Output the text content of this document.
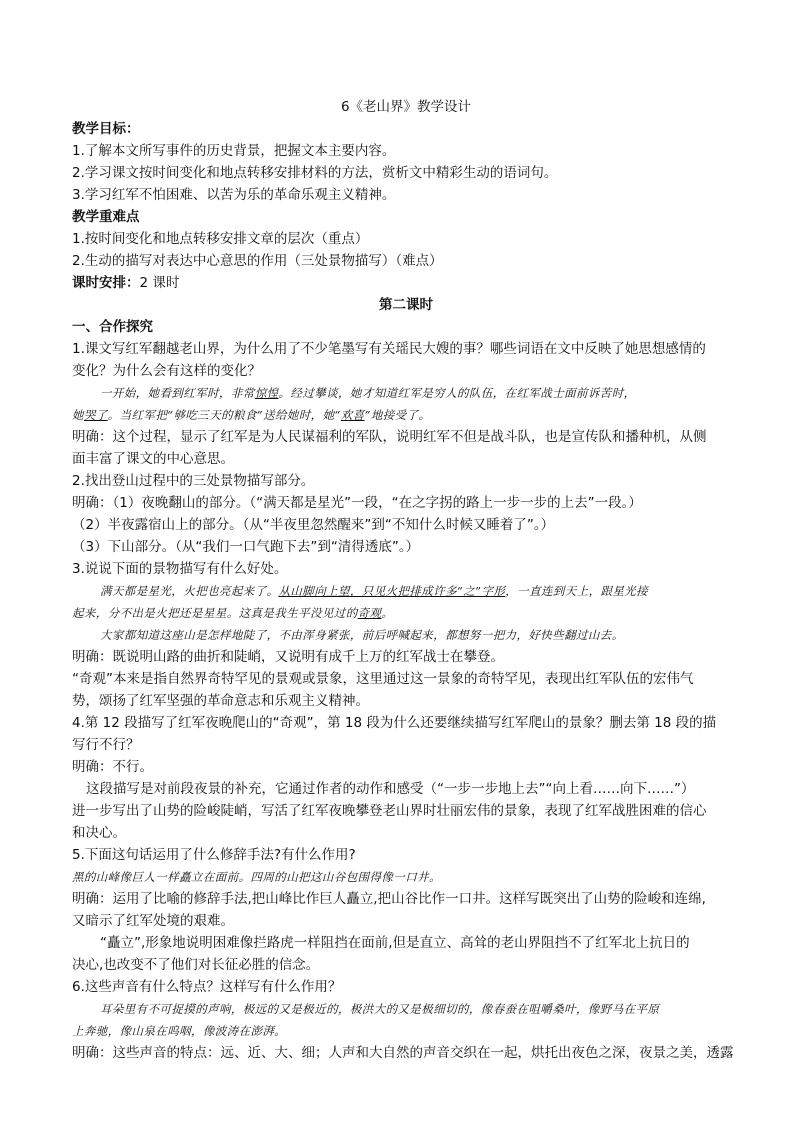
6《老山界》教学设计
教学目标：
1.了解本文所写事件的历史背景，把握文本主要内容。
2.学习课文按时间变化和地点转移安排材料的方法，赏析文中精彩生动的语词句。
3.学习红军不怕困难、以苦为乐的革命乐观主义精神。
教学重难点
1.按时间变化和地点转移安排文章的层次（重点）
2.生动的描写对表达中心意思的作用（三处景物描写）（难点）
课时安排：2 课时
第二课时
一、合作探究
1.课文写红军翻越老山界，为什么用了不少笔墨写有关瑶民大嫂的事？哪些词语在文中反映了她思想感情的
变化？为什么会有这样的变化？
一开始，她看到红军时，非常惊惶。经过攀谈，她才知道红军是穷人的队伍，在红军战士面前诉苦时，
她哭了。当红军把“够吃三天的粮食”送给她时，她“欢喜”地接受了。
明确：这个过程，显示了红军是为人民谋福利的军队，说明红军不但是战斗队，也是宣传队和播种机，从侧
面丰富了课文的中心意思。
2.找出登山过程中的三处景物描写部分。
明确：（1）夜晚翻山的部分。（“满天都是星光”一段，“在之字拐的路上一步一步的上去”一段。）
（2）半夜露宿山上的部分。（从“半夜里忽然醒来”到“不知什么时候又睡着了”。）
（3）下山部分。（从“我们一口气跑下去”到“清得透底”。）
3.说说下面的景物描写有什么好处。
满天都是星光，火把也亮起来了。从山脚向上望，只见火把排成许多“之”字形，一直连到天上，跟星光接
起来，分不出是火把还是星星。这真是我生平没见过的奇观。
大家都知道这座山是怎样地陡了，不由浑身紧张，前后呼喊起来，都想努一把力，好快些翻过山去。
明确：既说明山路的曲折和陡峭，又说明有成千上万的红军战士在攀登。
“奇观”本来是指自然界奇特罕见的景观或景象，这里通过这一景象的奇特罕见，表现出红军队伍的宏伟气
势，颂扬了红军坚强的革命意志和乐观主义精神。
4.第 12 段描写了红军夜晚爬山的“奇观”，第 18 段为什么还要继续描写红军爬山的景象？删去第 18 段的描
写行不行？
明确：不行。
这段描写是对前段夜景的补充，它通过作者的动作和感受（“一步一步地上去”“向上看……向下……”）
进一步写出了山势的险峻陡峭，写活了红军夜晚攀登老山界时壮丽宏伟的景象，表现了红军战胜困难的信心
和决心。
5.下面这句话运用了什么修辞手法?有什么作用?
黑的山峰像巨人一样矗立在面前。四周的山把这山谷包围得像一口井。
明确：运用了比喻的修辞手法,把山峰比作巨人矗立,把山谷比作一口井。这样写既突出了山势的险峻和连绵,
又暗示了红军处境的艰难。
“矗立”,形象地说明困难像拦路虎一样阻挡在面前,但是直立、高耸的老山界阻挡不了红军北上抗日的
决心,也改变不了他们对长征必胜的信念。
6.这些声音有什么特点？这样写有什么作用？
耳朵里有不可捉摸的声响，极远的又是极近的，极洪大的又是极细切的，像春蚕在咀嚼桑叶，像野马在平原
上奔驰，像山泉在呜咽，像波涛在澎湃。
明确：这些声音的特点：远、近、大、细；人声和大自然的声音交织在一起，烘托出夜色之深，夜景之美，透露
